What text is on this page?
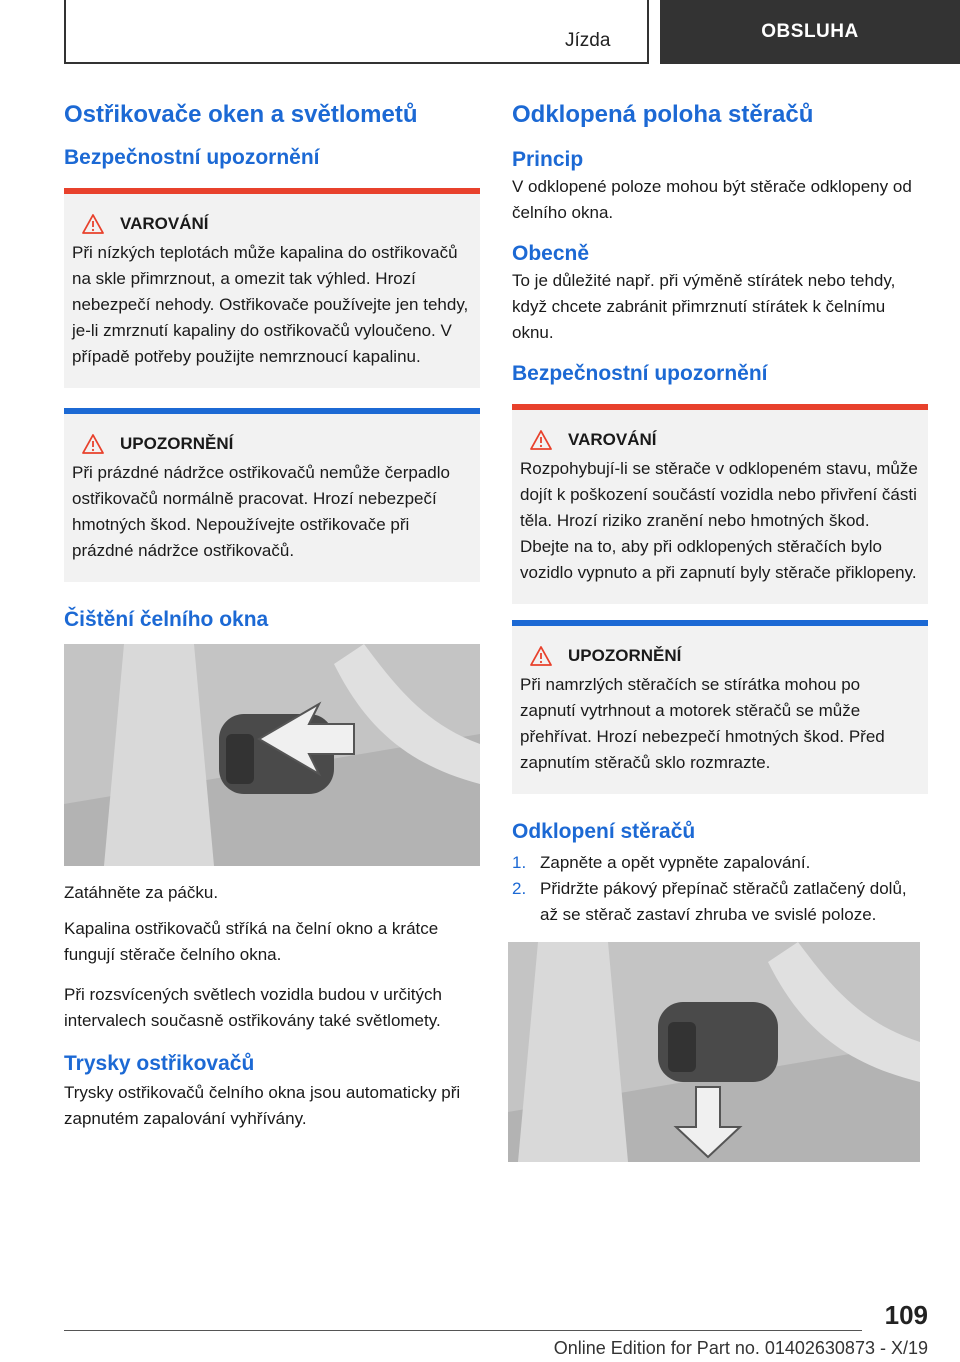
Jízda	OBSLUHA
Ostřikovače oken a světlometů
Bezpečnostní upozornění
VAROVÁNÍ

Při nízkých teplotách může kapalina do ostřikovačů na skle přimrznout, a omezit tak výhled. Hrozí nebezpečí nehody. Ostřikovače používejte jen tehdy, je-li zmrznutí kapaliny do ostřikovačů vyloučeno. V případě potřeby použijte nemrznoucí kapalinu.

UPOZORNĚNÍ

Při prázdné nádržce ostřikovačů nemůže čerpadlo ostřikovačů normálně pracovat. Hrozí nebezpečí hmotných škod. Nepoužívejte ostřikovače při prázdné nádržce ostřikovačů.

Čištění čelního okna

Zatáhněte za páčku.

Kapalina ostřikovačů stříká na čelní okno a krátce fungují stěrače čelního okna.

Při rozsvícených světlech vozidla budou v určitých intervalech současně ostřikovány také světlomety.

Trysky ostřikovačů

Trysky ostřikovačů čelního okna jsou automaticky při zapnutém zapalování vyhřívány.

Odklopená poloha stěračů
Princip

V odklopené poloze mohou být stěrače odklopeny od čelního okna.

Obecně

To je důležité např. při výměně stírátek nebo tehdy, když chcete zabránit přimrznutí stírátek k čelnímu oknu.

Bezpečnostní upozornění
VAROVÁNÍ

Rozpohybují-li se stěrače v odklopeném stavu, může dojít k poškození součástí vozidla nebo přivření části těla. Hrozí riziko zranění nebo hmotných škod. Dbejte na to, aby při odklopených stěračích bylo vozidlo vypnuto a při zapnutí byly stěrače přiklopeny.

UPOZORNĚNÍ

Při namrzlých stěračích se stírátka mohou po zapnutí vytrhnout a motorek stěračů se může přehřívat. Hrozí nebezpečí hmotných škod. Před zapnutím stěračů sklo rozmrazte.

Odklopení stěračů
1. Zapněte a opět vypněte zapalování.
2. Přidržte pákový přepínač stěračů zatlačený dolů, až se stěrač zastaví zhruba ve svislé poloze.
109
Online Edition for Part no. 01402630873 - X/19
